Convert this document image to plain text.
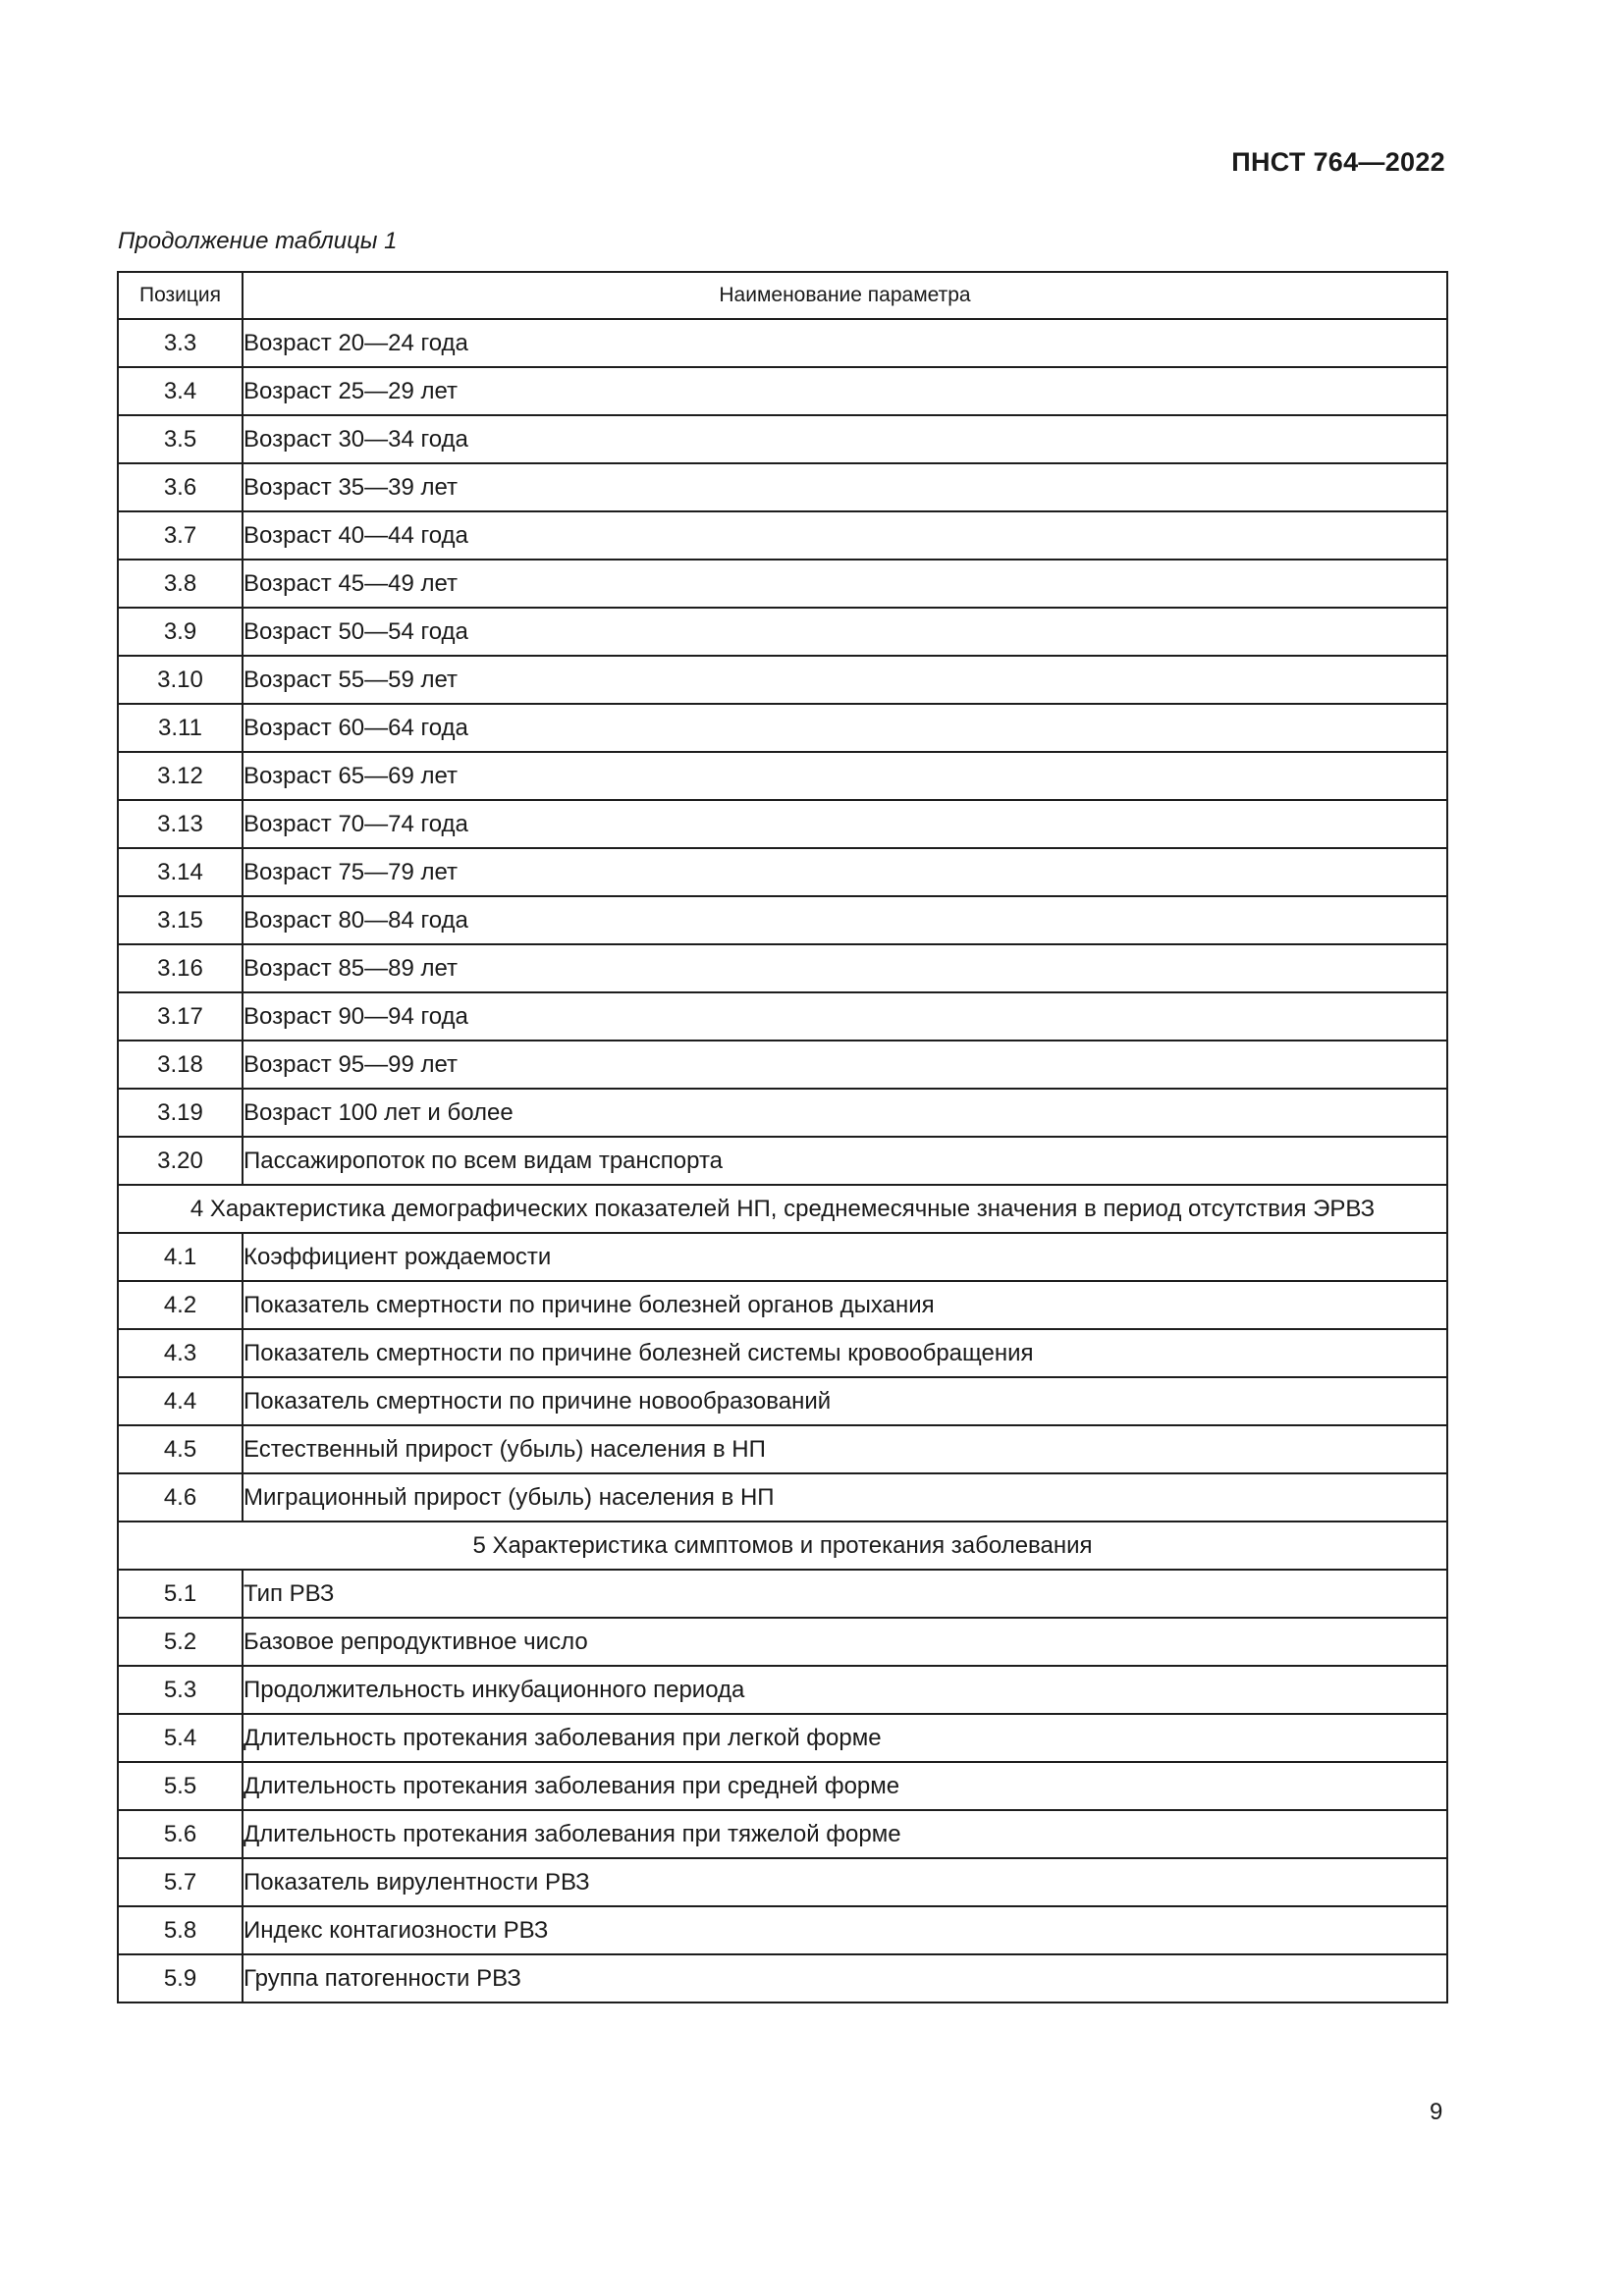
ПНСТ 764—2022
Продолжение таблицы 1
Позиция	Наименование параметра
3.3	Возраст 20—24 года
3.4	Возраст 25—29 лет
3.5	Возраст 30—34 года
3.6	Возраст 35—39 лет
3.7	Возраст 40—44 года
3.8	Возраст 45—49 лет
3.9	Возраст 50—54 года
3.10	Возраст 55—59 лет
3.11	Возраст 60—64 года
3.12	Возраст 65—69 лет
3.13	Возраст 70—74 года
3.14	Возраст 75—79 лет
3.15	Возраст 80—84 года
3.16	Возраст 85—89 лет
3.17	Возраст 90—94 года
3.18	Возраст 95—99 лет
3.19	Возраст 100 лет и более
3.20	Пассажиропоток по всем видам транспорта
4 Характеристика демографических показателей НП, среднемесячные значения в период отсутствия ЭРВЗ	
4.1	Коэффициент рождаемости
4.2	Показатель смертности по причине болезней органов дыхания
4.3	Показатель смертности по причине болезней системы кровообращения
4.4	Показатель смертности по причине новообразований
4.5	Естественный прирост (убыль) населения в НП
4.6	Миграционный прирост (убыль) населения в НП
5 Характеристика симптомов и протекания заболевания	
5.1	Тип РВЗ
5.2	Базовое репродуктивное число
5.3	Продолжительность инкубационного периода
5.4	Длительность протекания заболевания при легкой форме
5.5	Длительность протекания заболевания при средней форме
5.6	Длительность протекания заболевания при тяжелой форме
5.7	Показатель вирулентности РВЗ
5.8	Индекс контагиозности РВЗ
5.9	Группа патогенности РВЗ
9
